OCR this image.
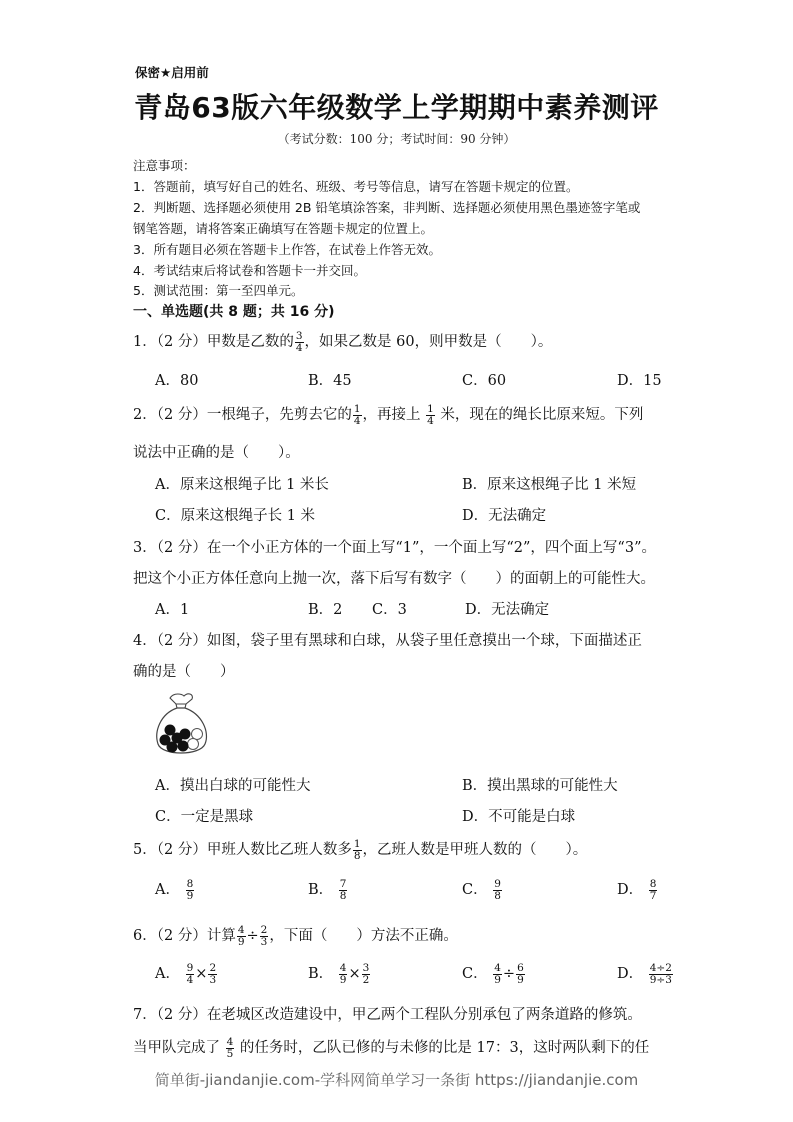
保密★启用前
青岛63版六年级数学上学期期中素养测评
（考试分数：100 分；考试时间：90 分钟）
注意事项：
1．答题前，填写好自己的姓名、班级、考号等信息，请写在答题卡规定的位置。
2．判断题、选择题必须使用 2B 铅笔填涂答案，非判断、选择题必须使用黑色墨迹签字笔或
钢笔答题，请将答案正确填写在答题卡规定的位置上。
3．所有题目必须在答题卡上作答，在试卷上作答无效。
4．考试结束后将试卷和答题卡一并交回。
5．测试范围：第一至四单元。
一、单选题(共 8 题；共 16 分)
1．（2 分）甲数是乙数的 $\frac{3}{4}$ ，如果乙数是 60，则甲数是（　　）。
A．80	B．45	C．60	D．15
2．（2 分）一根绳子，先剪去它的 $\frac{1}{4}$ ，再接上 $\frac{1}{4}$ 米，现在的绳长比原来短。下列
说法中正确的是（　　）。
A．原来这根绳子比 1 米长	B．原来这根绳子比 1 米短
C．原来这根绳子长 1 米	D．无法确定
3．（2 分）在一个小正方体的一个面上写“1”，一个面上写“2”，四个面上写“3”。
把这个小正方体任意向上抛一次，落下后写有数字（　　）的面朝上的可能性大。
A．1	B．2 C．3	D．无法确定
4．（2 分）如图，袋子里有黑球和白球，从袋子里任意摸出一个球，下面描述正
确的是（　　）
A．摸出白球的可能性大	B．摸出黑球的可能性大
C．一定是黑球	D．不可能是白球
5．（2 分）甲班人数比乙班人数多 $\frac{1}{8}$ ，乙班人数是甲班人数的（　　）。
A． $\frac{8}{9}$	B． $\frac{7}{8}$	C． $\frac{9}{8}$	D． $\frac{8}{7}$
6．（2 分）计算 $\frac{4}{9} \div \frac{2}{3}$ ，下面（　　）方法不正确。
A． $\frac{9}{4} \times \frac{2}{3}$	B． $\frac{4}{9} \times \frac{3}{2}$	C． $\frac{4}{9} \div \frac{6}{9}$	D． $\frac{4\div 2}{9\div 3}$
7．（2 分）在老城区改造建设中，甲乙两个工程队分别承包了两条道路的修筑。
当甲队完成了 $\frac{4}{5}$ 的任务时，乙队已修的与未修的比是 17：3，这时两队剩下的任
简单街-jiandanjie.com-学科网简单学习一条街 https://jiandanjie.com
